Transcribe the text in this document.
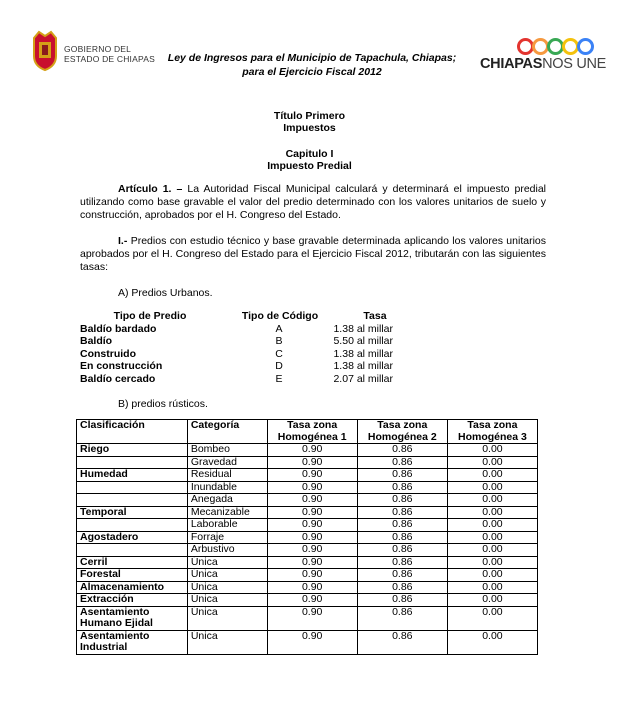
GOBIERNO DEL
ESTADO DE CHIAPAS	Ley de Ingresos para el Municipio de Tapachula, Chiapas;
para el Ejercicio Fiscal 2012	CHIAPASNOS UNE
Título Primero
Impuestos
Capitulo I
Impuesto Predial
Artículo 1. – La Autoridad Fiscal Municipal calculará y determinará el impuesto predial utilizando como base gravable el valor del predio determinado con los valores unitarios de suelo y construcción, aprobados por el H. Congreso del Estado.
I.- Predios con estudio técnico y base gravable determinada aplicando los valores unitarios aprobados por el H. Congreso del Estado para el Ejercicio Fiscal 2012, tributarán con las siguientes tasas:
A) Predios Urbanos.
Tipo de Predio	Tipo de Código	Tasa
Baldío bardado	A	1.38 al millar
Baldío	B	5.50 al millar
Construido	C	1.38 al millar
En construcción	D	1.38 al millar
Baldío cercado	E	2.07 al millar
B) predios rústicos.
Clasificación	Categoría	Tasa zona Homogénea 1	Tasa zona Homogénea 2	Tasa zona Homogénea 3
Riego	Bombeo	0.90	0.86	0.00
	Gravedad	0.90	0.86	0.00
Humedad	Residual	0.90	0.86	0.00
	Inundable	0.90	0.86	0.00
	Anegada	0.90	0.86	0.00
Temporal	Mecanizable	0.90	0.86	0.00
	Laborable	0.90	0.86	0.00
Agostadero	Forraje	0.90	0.86	0.00
	Arbustivo	0.90	0.86	0.00
Cerril	Única	0.90	0.86	0.00
Forestal	Única	0.90	0.86	0.00
Almacenamiento	Única	0.90	0.86	0.00
Extracción	Única	0.90	0.86	0.00
Asentamiento Humano Ejidal	Única	0.90	0.86	0.00
Asentamiento Industrial	Única	0.90	0.86	0.00
